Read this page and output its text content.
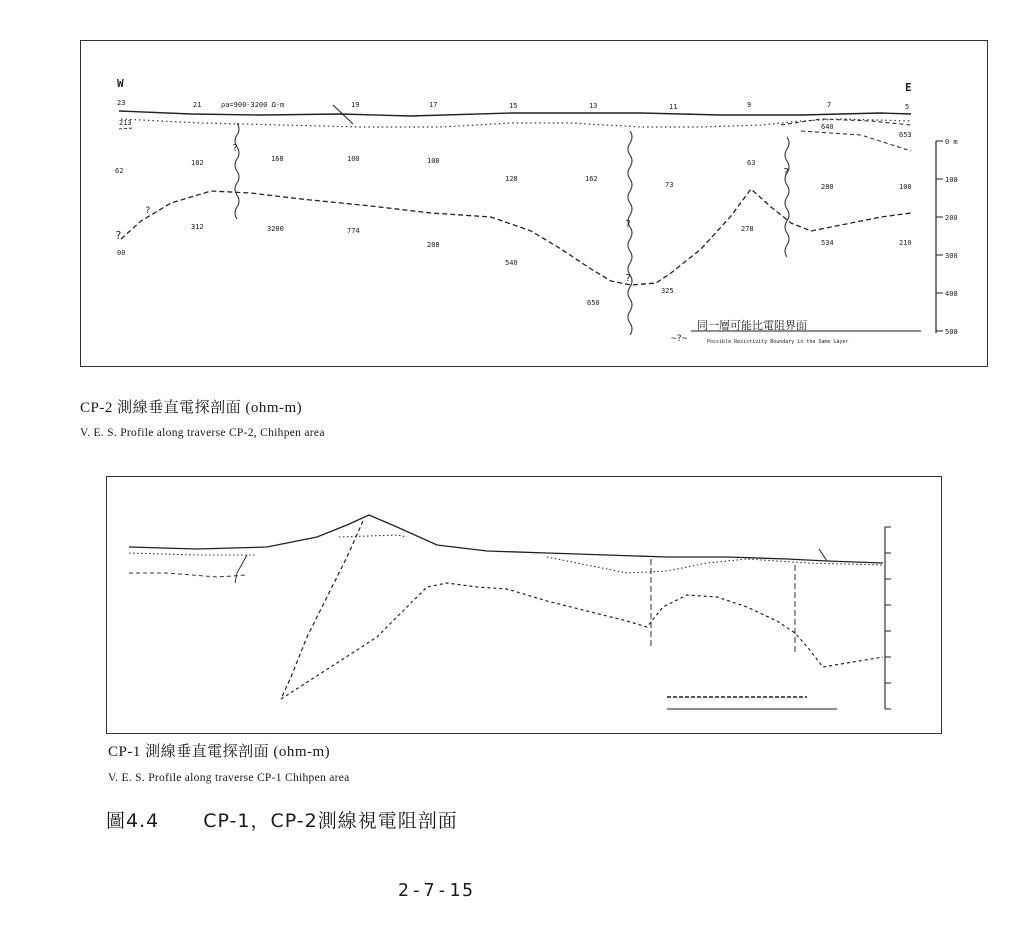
?
?
?
?
W	E
23	21	19	17	15	13	11	9	7	5
ρa=900-3200 Ω-m
213
62
?
00
?
182	168	100	100
128	162
73
63
200	100
640
653
312	3200	774
208
540
650
325
278
534	210
0 m
100
200
300
400
500
~?~
同一層可能比電阻界面
Possible Resistivity Boundary in the Same Layer
CP-2 測線垂直電探剖面 (ohm-m)
V. E. S. Profile along traverse CP-2, Chihpen area
CP-1 測線垂直電探剖面 (ohm-m)
V. E. S. Profile along traverse CP-1 Chihpen area
圖4.4 CP-1，CP-2測線視電阻剖面
2-7-15
